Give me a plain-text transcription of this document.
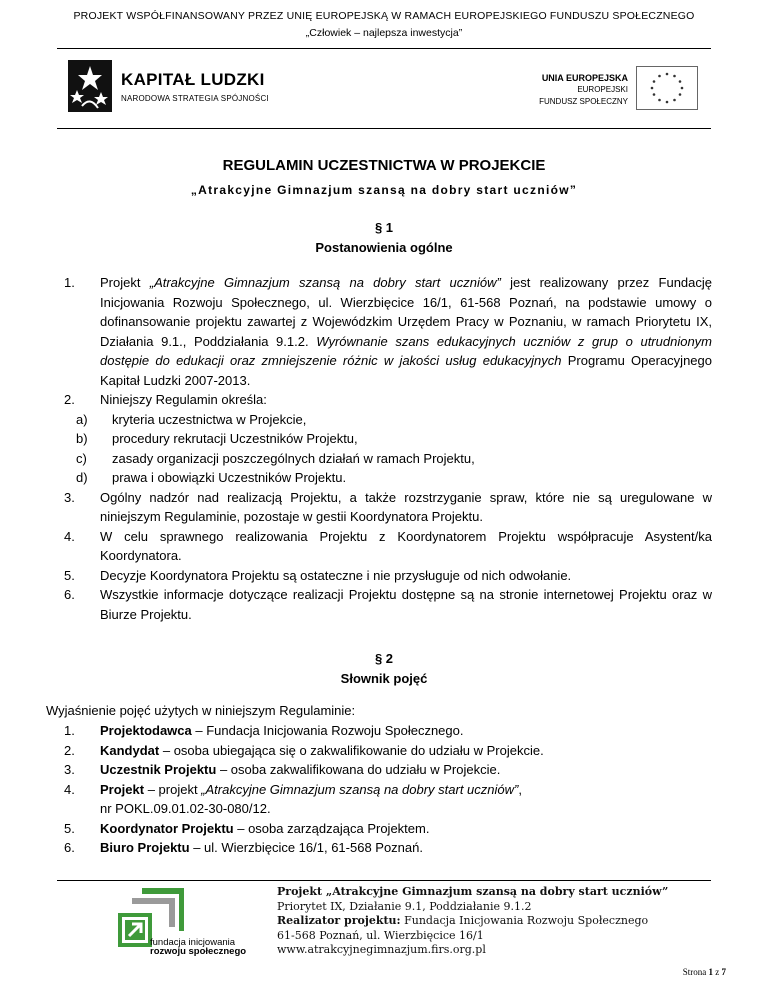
PROJEKT WSPÓŁFINANSOWANY PRZEZ UNIĘ EUROPEJSKĄ W RAMACH EUROPEJSKIEGO FUNDUSZU SPOŁECZNEGO
„Człowiek – najlepsza inwestycja”
KAPITAŁ LUDZKI
NARODOWA STRATEGIA SPÓJNOŚCI
UNIA EUROPEJSKA
EUROPEJSKI
FUNDUSZ SPOŁECZNY
REGULAMIN UCZESTNICTWA W PROJEKCIE
„Atrakcyjne Gimnazjum szansą na dobry start uczniów”
§ 1
Postanowienia ogólne
1. Projekt „Atrakcyjne Gimnazjum szansą na dobry start uczniów” jest realizowany przez Fundację Inicjowania Rozwoju Społecznego, ul. Wierzbięcice 16/1, 61-568 Poznań, na podstawie umowy o dofinansowanie projektu zawartej z Wojewódzkim Urzędem Pracy w Poznaniu, w ramach Priorytetu IX, Działania 9.1., Poddziałania 9.1.2. Wyrównanie szans edukacyjnych uczniów z grup o utrudnionym dostępie do edukacji oraz zmniejszenie różnic w jakości usług edukacyjnych Programu Operacyjnego Kapitał Ludzki 2007-2013.
2. Niniejszy Regulamin określa:
a) kryteria uczestnictwa w Projekcie,
b) procedury rekrutacji Uczestników Projektu,
c) zasady organizacji poszczególnych działań w ramach Projektu,
d) prawa i obowiązki Uczestników Projektu.
3. Ogólny nadzór nad realizacją Projektu, a także rozstrzyganie spraw, które nie są uregulowane w niniejszym Regulaminie, pozostaje w gestii Koordynatora Projektu.
4. W celu sprawnego realizowania Projektu z Koordynatorem Projektu współpracuje Asystent/ka Koordynatora.
5. Decyzje Koordynatora Projektu są ostateczne i nie przysługuje od nich odwołanie.
6. Wszystkie informacje dotyczące realizacji Projektu dostępne są na stronie internetowej Projektu oraz w Biurze Projektu.
§ 2
Słownik pojęć
Wyjaśnienie pojęć użytych w niniejszym Regulaminie:
1. Projektodawca – Fundacja Inicjowania Rozwoju Społecznego.
2. Kandydat – osoba ubiegająca się o zakwalifikowanie do udziału w Projekcie.
3. Uczestnik Projektu – osoba zakwalifikowana do udziału w Projekcie.
4. Projekt – projekt „Atrakcyjne Gimnazjum szansą na dobry start uczniów”,
nr POKL.09.01.02-30-080/12.
5. Koordynator Projektu – osoba zarządzająca Projektem.
6. Biuro Projektu – ul. Wierzbięcice 16/1, 61-568 Poznań.
fundacja inicjowania
rozwoju społecznego
Projekt „Atrakcyjne Gimnazjum szansą na dobry start uczniów”
Priorytet IX, Działanie 9.1, Poddziałanie 9.1.2
Realizator projektu: Fundacja Inicjowania Rozwoju Społecznego
61-568 Poznań, ul. Wierzbięcice 16/1
www.atrakcyjnegimnazjum.firs.org.pl
Strona 1 z 7
